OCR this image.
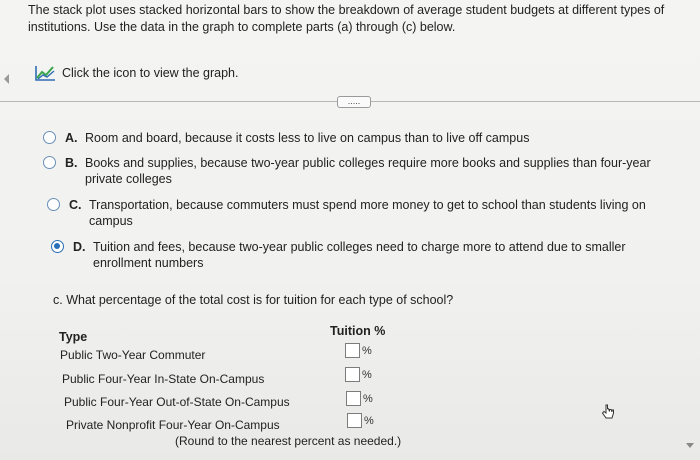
The stack plot uses stacked horizontal bars to show the breakdown of average student budgets at different types of institutions. Use the data in the graph to complete parts (a) through (c) below.
Click the icon to view the graph.
.....
A. Room and board, because it costs less to live on campus than to live off campus
B. Books and supplies, because two-year public colleges require more books and supplies than four-year private colleges
C. Transportation, because commuters must spend more money to get to school than students living on campus
D. Tuition and fees, because two-year public colleges need to charge more to attend due to smaller enrollment numbers
c. What percentage of the total cost is for tuition for each type of school?
Type	Tuition %
Public Two-Year Commuter	%
Public Four-Year In-State On-Campus	%
Public Four-Year Out-of-State On-Campus	%
Private Nonprofit Four-Year On-Campus	%
(Round to the nearest percent as needed.)
